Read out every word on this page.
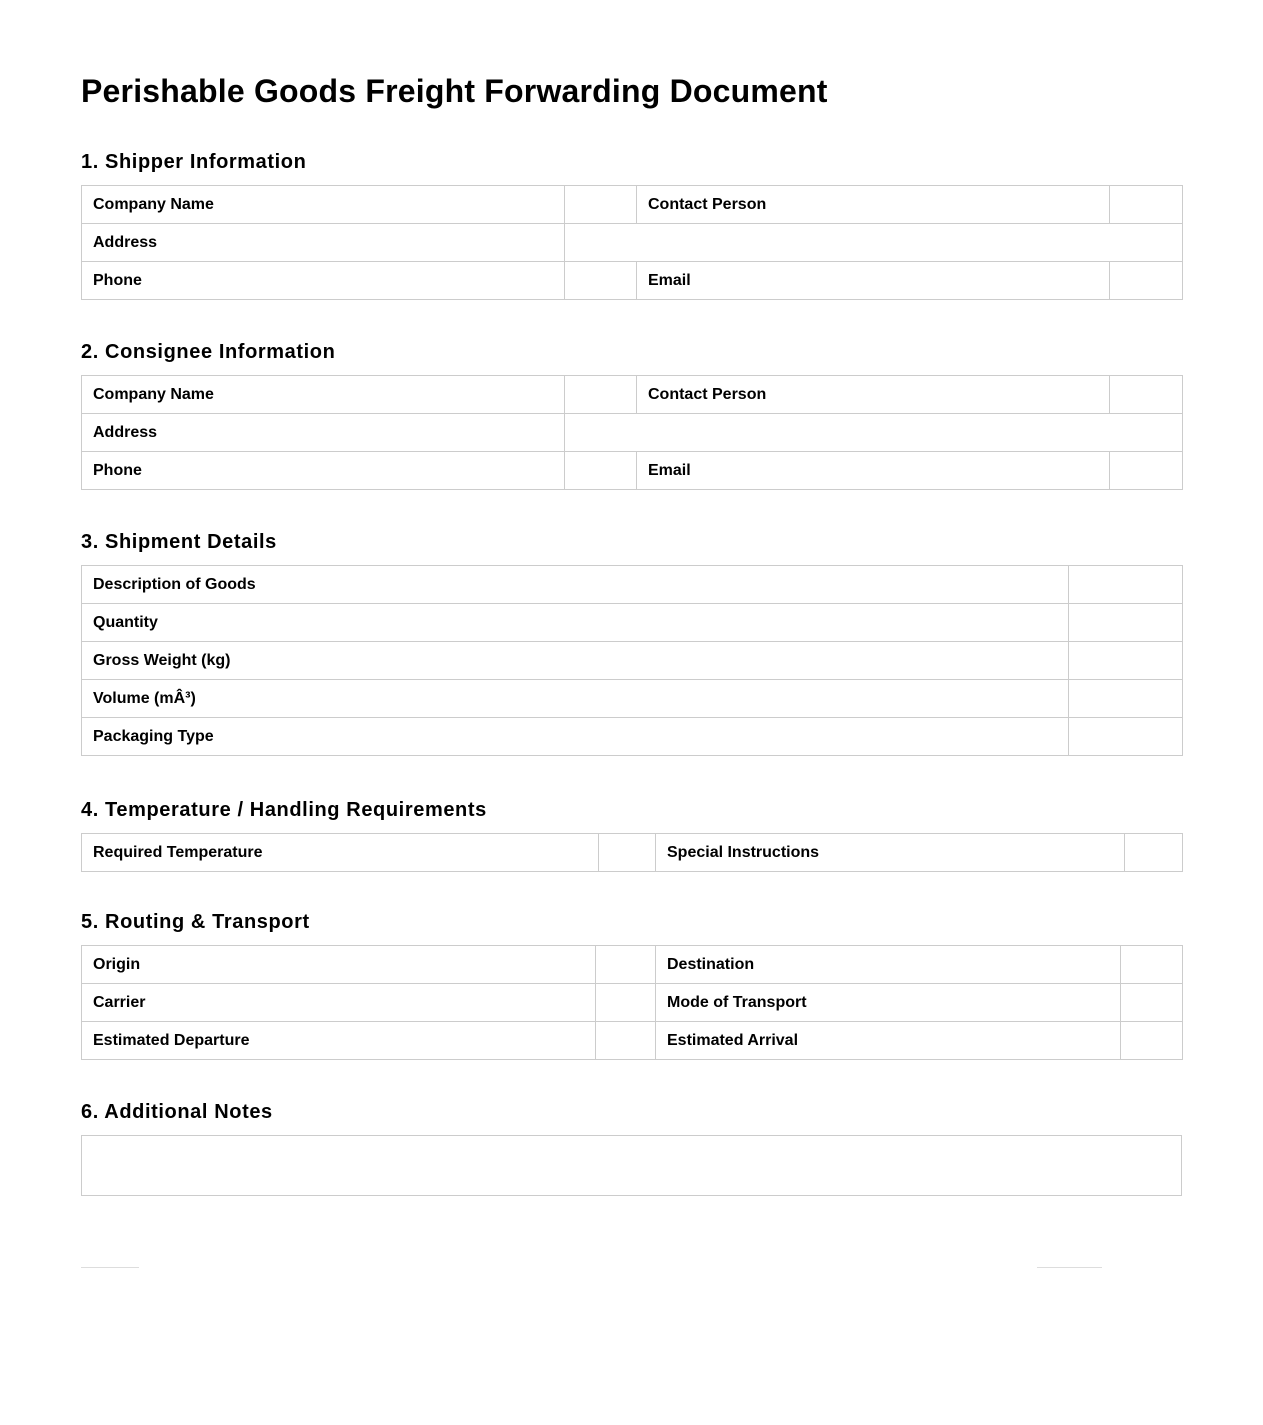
Perishable Goods Freight Forwarding Document
1. Shipper Information
Company Name		Contact Person	
Address			
Phone		Email	
2. Consignee Information
Company Name		Contact Person	
Address			
Phone		Email	
3. Shipment Details
Description of Goods	
Quantity	
Gross Weight (kg)	
Volume (mÂ³)	
Packaging Type	
4. Temperature / Handling Requirements
Required Temperature		Special Instructions	
5. Routing & Transport
Origin		Destination	
Carrier		Mode of Transport	
Estimated Departure		Estimated Arrival	
6. Additional Notes
